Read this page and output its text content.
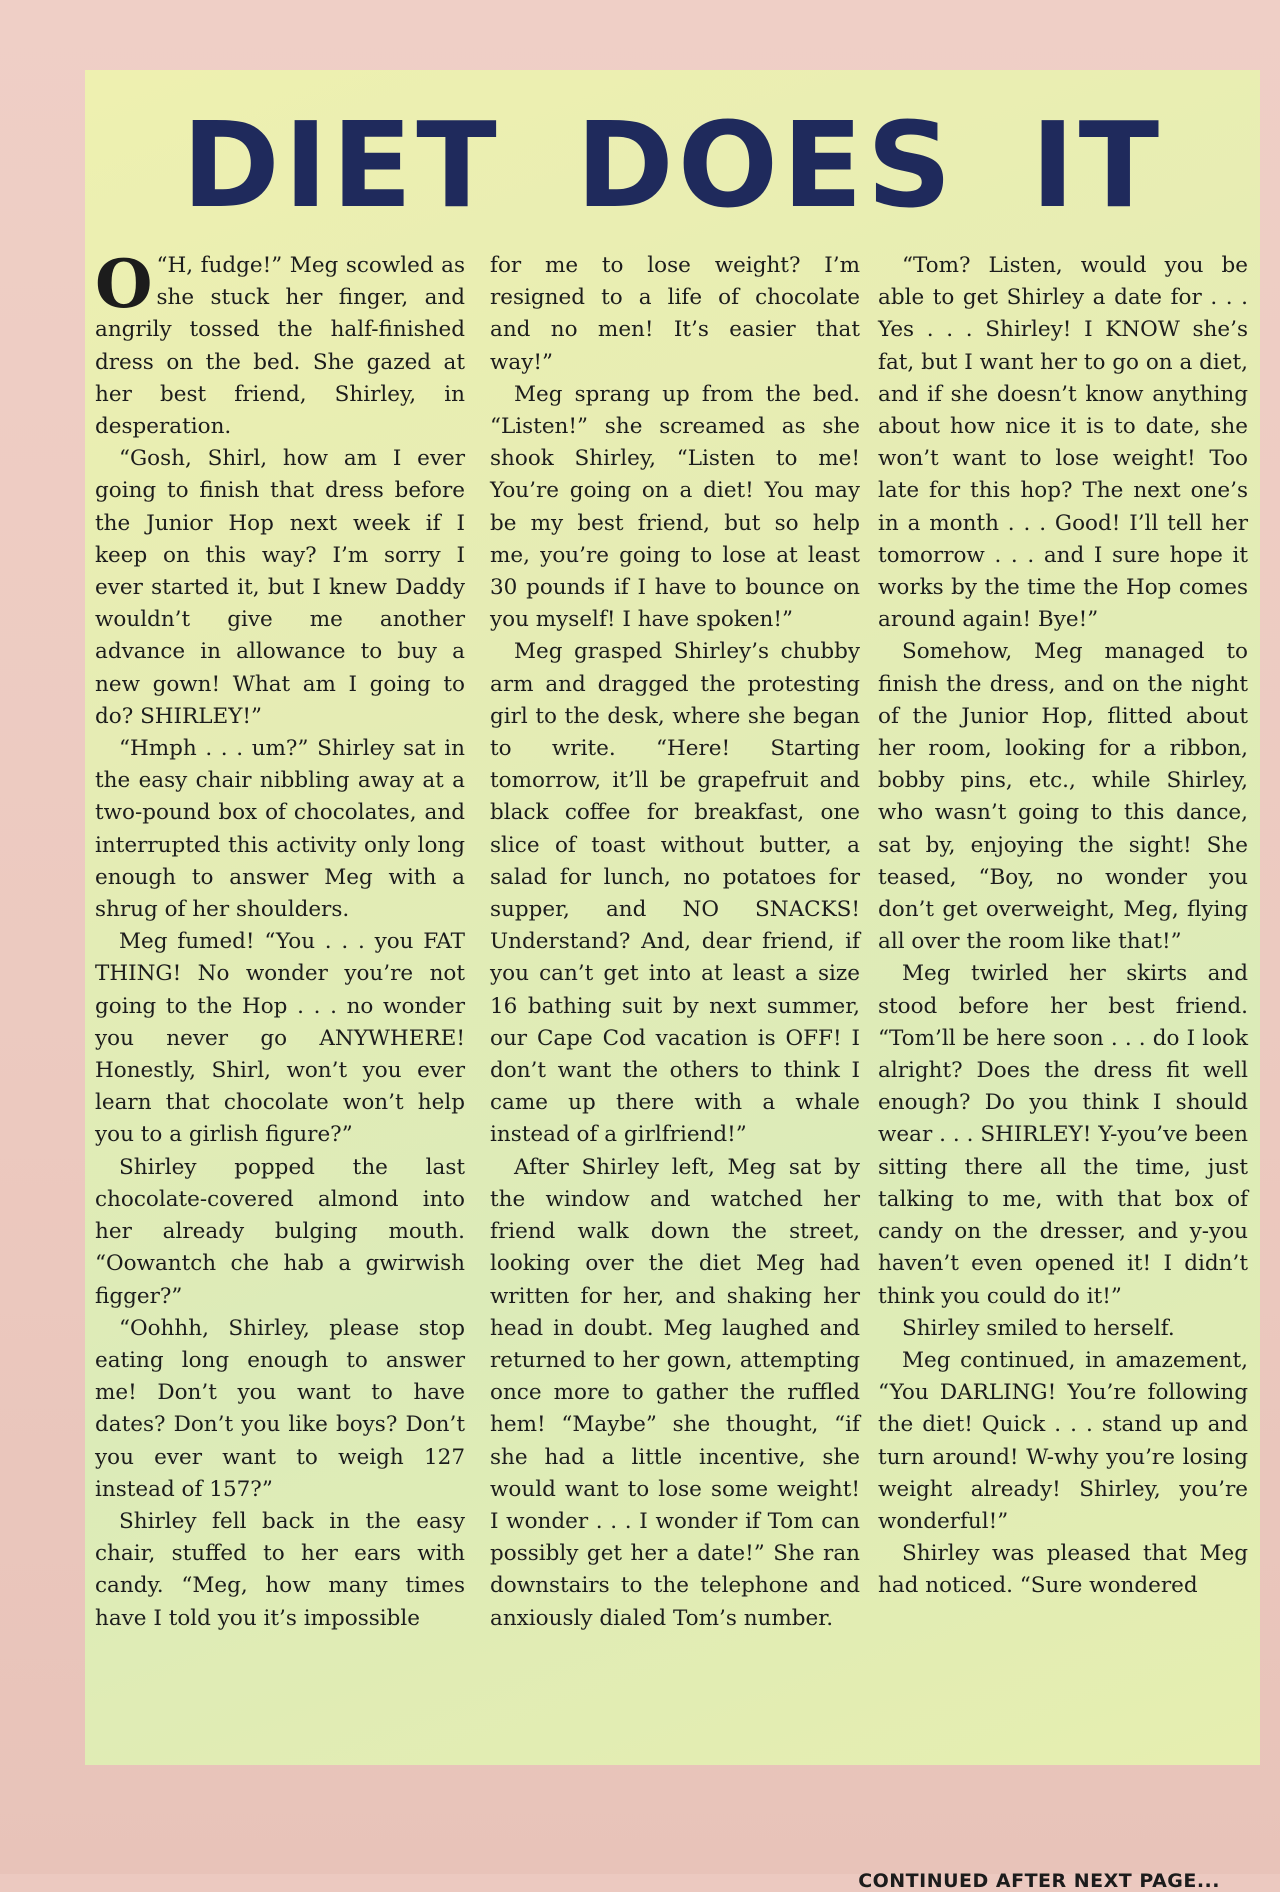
DIET DOES IT

O “H, fudge!” Meg scowled as she stuck her finger, and angrily tossed the half-finished dress on the bed. She gazed at her best friend, Shirley, in desperation.

“Gosh, Shirl, how am I ever going to finish that dress before the Junior Hop next week if I keep on this way? I’m sorry I ever started it, but I knew Daddy wouldn’t give me another advance in allowance to buy a new gown! What am I going to do? SHIRLEY!”

“Hmph . . . um?” Shirley sat in the easy chair nibbling away at a two-pound box of chocolates, and interrupted this activity only long enough to answer Meg with a shrug of her shoulders.

Meg fumed! “You . . . you FAT THING! No wonder you’re not going to the Hop . . . no wonder you never go ANYWHERE! Honestly, Shirl, won’t you ever learn that chocolate won’t help you to a girlish figure?”

Shirley popped the last chocolate-covered almond into her already bulging mouth. “Oowantch che hab a gwirwish figger?”

“Oohhh, Shirley, please stop eating long enough to answer me! Don’t you want to have dates? Don’t you like boys? Don’t you ever want to weigh 127 instead of 157?”

Shirley fell back in the easy chair, stuffed to her ears with candy. “Meg, how many times have I told you it’s impossible

for me to lose weight? I’m resigned to a life of chocolate and no men! It’s easier that way!”

Meg sprang up from the bed. “Listen!” she screamed as she shook Shirley, “Listen to me! You’re going on a diet! You may be my best friend, but so help me, you’re going to lose at least 30 pounds if I have to bounce on you myself! I have spoken!”

Meg grasped Shirley’s chubby arm and dragged the protesting girl to the desk, where she began to write. “Here! Starting tomorrow, it’ll be grapefruit and black coffee for breakfast, one slice of toast without butter, a salad for lunch, no potatoes for supper, and NO SNACKS! Understand? And, dear friend, if you can’t get into at least a size 16 bathing suit by next summer, our Cape Cod vacation is OFF! I don’t want the others to think I came up there with a whale instead of a girlfriend!”

After Shirley left, Meg sat by the window and watched her friend walk down the street, looking over the diet Meg had written for her, and shaking her head in doubt. Meg laughed and returned to her gown, attempting once more to gather the ruffled hem! “Maybe” she thought, “if she had a little incentive, she would want to lose some weight! I wonder . . . I wonder if Tom can possibly get her a date!” She ran downstairs to the telephone and anxiously dialed Tom’s number.

“Tom? Listen, would you be able to get Shirley a date for . . . Yes . . . Shirley! I KNOW she’s fat, but I want her to go on a diet, and if she doesn’t know anything about how nice it is to date, she won’t want to lose weight! Too late for this hop? The next one’s in a month . . . Good! I’ll tell her tomorrow . . . and I sure hope it works by the time the Hop comes around again! Bye!”

Somehow, Meg managed to finish the dress, and on the night of the Junior Hop, flitted about her room, looking for a ribbon, bobby pins, etc., while Shirley, who wasn’t going to this dance, sat by, enjoying the sight! She teased, “Boy, no wonder you don’t get overweight, Meg, flying all over the room like that!”

Meg twirled her skirts and stood before her best friend. “Tom’ll be here soon . . . do I look alright? Does the dress fit well enough? Do you think I should wear . . . SHIRLEY! Y-you’ve been sitting there all the time, just talking to me, with that box of candy on the dresser, and y-you haven’t even opened it! I didn’t think you could do it!”

Shirley smiled to herself.

Meg continued, in amazement, “You DARLING! You’re following the diet! Quick . . . stand up and turn around! W-why you’re losing weight already! Shirley, you’re wonderful!”

Shirley was pleased that Meg had noticed. “Sure wondered

CONTINUED AFTER NEXT PAGE...
